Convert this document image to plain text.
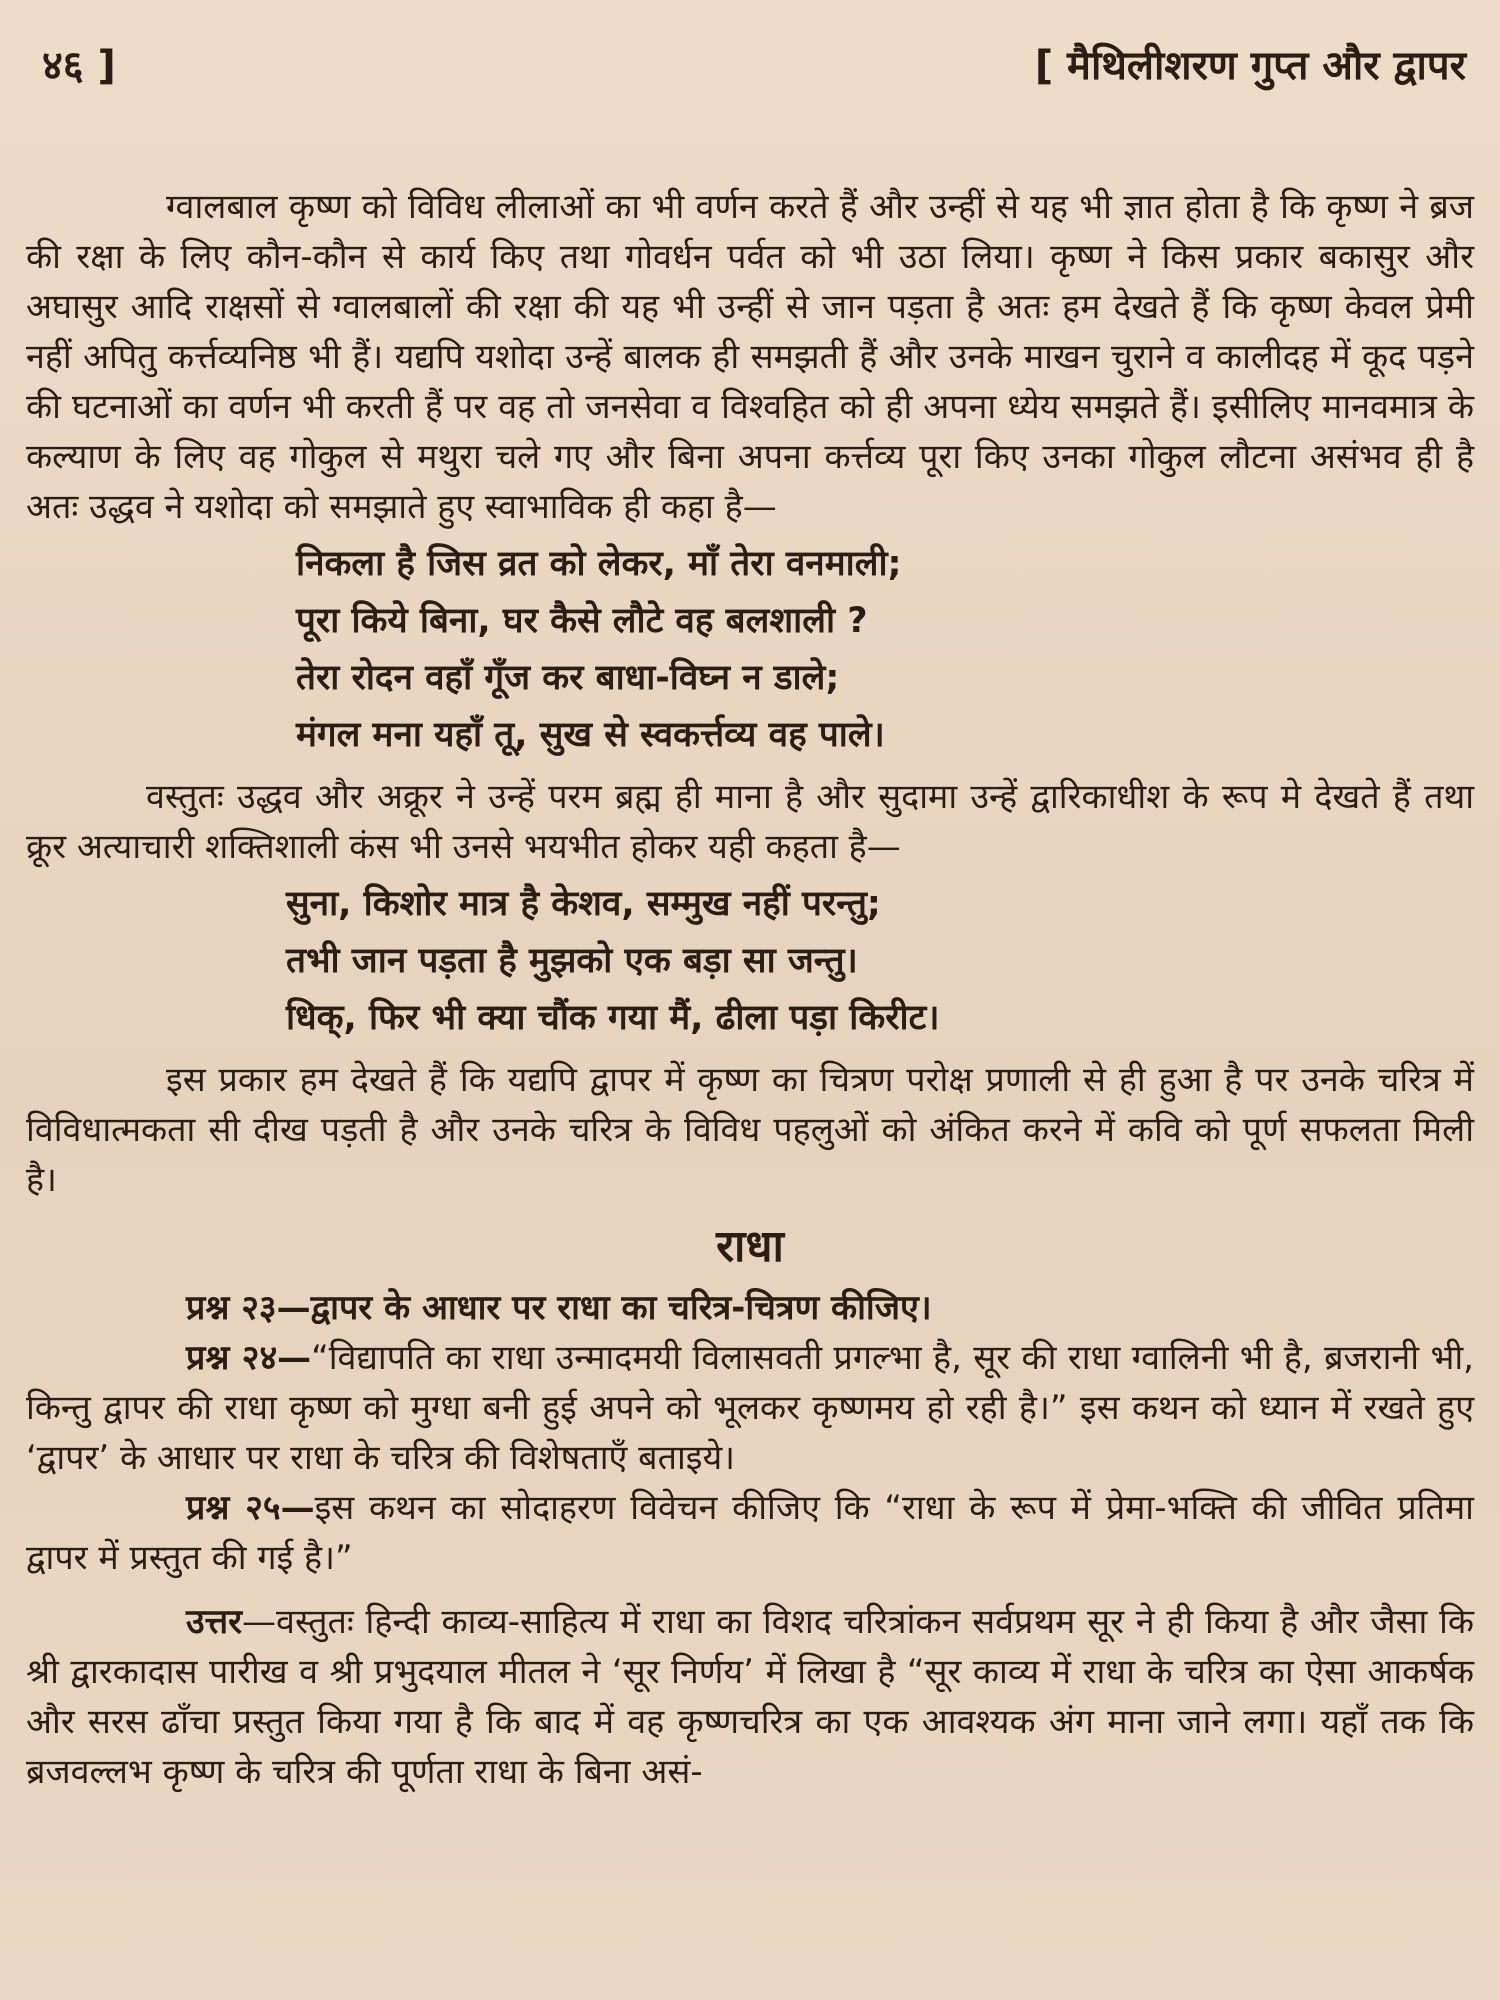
४६ ]	[ मैथिलीशरण गुप्त और द्वापर

ग्वालबाल कृष्ण को विविध लीलाओं का भी वर्णन करते हैं और उन्हीं से यह भी ज्ञात होता है कि कृष्ण ने ब्रज की रक्षा के लिए कौन-कौन से कार्य किए तथा गोवर्धन पर्वत को भी उठा लिया। कृष्ण ने किस प्रकार बकासुर और अघासुर आदि राक्षसों से ग्वालबालों की रक्षा की यह भी उन्हीं से जान पड़ता है अतः हम देखते हैं कि कृष्ण केवल प्रेमी नहीं अपितु कर्त्तव्यनिष्ठ भी हैं। यद्यपि यशोदा उन्हें बालक ही समझती हैं और उनके माखन चुराने व कालीदह में कूद पड़ने की घटनाओं का वर्णन भी करती हैं पर वह तो जनसेवा व विश्वहित को ही अपना ध्येय समझते हैं। इसीलिए मानवमात्र के कल्याण के लिए वह गोकुल से मथुरा चले गए और बिना अपना कर्त्तव्य पूरा किए उनका गोकुल लौटना असंभव ही है अतः उद्धव ने यशोदा को समझाते हुए स्वाभाविक ही कहा है—

निकला है जिस व्रत को लेकर, माँ तेरा वनमाली;
पूरा किये बिना, घर कैसे लौटे वह बलशाली ?
तेरा रोदन वहाँ गूँज कर बाधा-विघ्न न डाले;
मंगल मना यहाँ तू, सुख से स्वकर्त्तव्य वह पाले।

वस्तुतः उद्धव और अक्रूर ने उन्हें परम ब्रह्म ही माना है और सुदामा उन्हें द्वारिकाधीश के रूप मे देखते हैं तथा क्रूर अत्याचारी शक्तिशाली कंस भी उनसे भयभीत होकर यही कहता है—

सुना, किशोर मात्र है केशव, सम्मुख नहीं परन्तु;
तभी जान पड़ता है मुझको एक बड़ा सा जन्तु।
धिक्, फिर भी क्या चौंक गया मैं, ढीला पड़ा किरीट।

इस प्रकार हम देखते हैं कि यद्यपि द्वापर में कृष्ण का चित्रण परोक्ष प्रणाली से ही हुआ है पर उनके चरित्र में विविधात्मकता सी दीख पड़ती है और उनके चरित्र के विविध पहलुओं को अंकित करने में कवि को पूर्ण सफलता मिली है।

राधा

प्रश्न २३—द्वापर के आधार पर राधा का चरित्र-चित्रण कीजिए।

प्रश्न २४—“विद्यापति का राधा उन्मादमयी विलासवती प्रगल्भा है, सूर की राधा ग्वालिनी भी है, ब्रजरानी भी, किन्तु द्वापर की राधा कृष्ण को मुग्धा बनी हुई अपने को भूलकर कृष्णमय हो रही है।” इस कथन को ध्यान में रखते हुए ‘द्वापर’ के आधार पर राधा के चरित्र की विशेषताएँ बताइये।

प्रश्न २५—इस कथन का सोदाहरण विवेचन कीजिए कि “राधा के रूप में प्रेमा-भक्ति की जीवित प्रतिमा द्वापर में प्रस्तुत की गई है।”

उत्तर—वस्तुतः हिन्दी काव्य-साहित्य में राधा का विशद चरित्रांकन सर्वप्रथम सूर ने ही किया है और जैसा कि श्री द्वारकादास पारीख व श्री प्रभुदयाल मीतल ने ‘सूर निर्णय’ में लिखा है “सूर काव्य में राधा के चरित्र का ऐसा आकर्षक और सरस ढाँचा प्रस्तुत किया गया है कि बाद में वह कृष्णचरित्र का एक आवश्यक अंग माना जाने लगा। यहाँ तक कि ब्रजवल्लभ कृष्ण के चरित्र की पूर्णता राधा के बिना असं-
